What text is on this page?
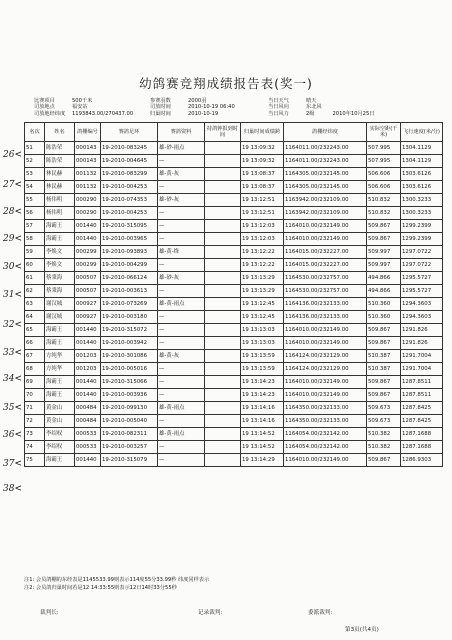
幼鸽赛竞翔成绩报告表(奖一)
比赛项目	500千米
司放地点	福安站
司放地经纬度 1193843.00/270437.00
参赛羽数	2000羽
司放时间	2010-10-19 06:40
归巢时间	2010-10-19
当日天气	晴天
当日风向	东北风
当日风力	2级	2010年10月25日
名次	姓名	鸽棚编号	赛鸽足环	赛鸽资料	持鸽钟报到时间	归巢时间成绩跨	鸽棚经纬度	实际空距(千米)	飞行速度(米/分)
51	陈浩荣	000143	19-2010-083245	雄-砂-雨点		19 13:09:32	1164011.00/232243.00	507.995	1304.1129
52	陈浩荣	000143	19-2010-004645	—		19 13:09:32	1164011.00/232243.00	507.995	1304.1129
53	林民赫	001132	19-2010-083299	雄-黄-灰		19 13:08:37	1164305.00/232145.00	506.606	1303.6126
54	林民赫	001132	19-2010-004253	—		19 13:08:37	1164305.00/232145.00	506.606	1303.6126
55	杨伟明	000290	19-2010-074353	雄-砂-灰		19 13:12:51	1163942.00/232109.00	510.832	1300.3233
56	杨伟明	000290	19-2010-004253	—		19 13:12:51	1163942.00/232109.00	510.832	1300.3233
57	海霸王	001440	19-2010-315095	—		19 13:12:03	1164010.00/232149.00	509.867	1299.2399
58	海霸王	001440	19-2010-003965	—		19 13:12:03	1164010.00/232149.00	509.867	1299.2399
59	李焕文	000299	19-2010-093893	雄-黄-绛		19 13:12:22	1164015.00/232227.00	509.997	1297.0722
60	李焕文	000299	19-2010-004299	—		19 13:12:22	1164015.00/232227.00	509.997	1297.0722
61	蔡秉海	000507	19-2010-066124	雄-砂-灰		19 13:13:29	1164530.00/232757.00	494.866	1295.5727
62	蔡秉海	000507	19-2010-003613	—		19 13:13:29	1164530.00/232757.00	494.866	1295.5727
63	谢汉城	000927	19-2010-073269	雄-黄-雨点		19 13:12:45	1164136.00/232133.00	510.360	1294.3603
64	谢汉城	000927	19-2010-003180	—		19 13:12:45	1164136.00/232133.00	510.360	1294.3603
65	海霸王	001440	19-2010-315072	—		19 13:13:03	1164010.00/232149.00	509.867	1291.826
66	海霸王	001440	19-2010-003942	—		19 13:13:03	1164010.00/232149.00	509.867	1291.826
67	方纯华	001203	19-2010-301086	雄-黄-灰		19 13:13:59	1164124.00/232129.00	510.387	1291.7004
68	方纯华	001203	19-2010-005016	—		19 13:13:59	1164124.00/232129.00	510.387	1291.7004
69	海霸王	001440	19-2010-315066	—		19 13:14:23	1164010.00/232149.00	509.867	1287.8511
70	海霸王	001440	19-2010-003936	—		19 13:14:23	1164010.00/232149.00	509.867	1287.8511
71	黄金山	000484	19-2010-099130	雄-黄-雨点		19 13:14:16	1164350.00/232133.00	509.673	1287.8425
72	黄金山	000484	19-2010-005040	—		19 13:14:16	1164350.00/232133.00	509.673	1287.8425
73	李绍权	000533	19-2010-082311	雄-黄-雨点		19 13:14:52	1164054.00/232142.00	510.382	1287.1688
74	李绍权	000533	19-2010-003257	—		19 13:14:52	1164054.00/232142.00	510.382	1287.1688
75	海霸王	001440	19-2010-315079	—		19 13:14:29	1164010.00/232149.00	509.867	1286.9303
注1: 会员鸽棚的东经表是1145533.99则表示114度55分33.99秒 纬度同样表示
注2: 会员鸽归巢时间若是12 14:33:55则表示12日14时33分55秒
裁判长:	记录裁判:	委派裁判:
第3页(共4页)
26<
27<
28<
29<
30<
31<
32<
33<
34<
35<
36<
37<
38<
